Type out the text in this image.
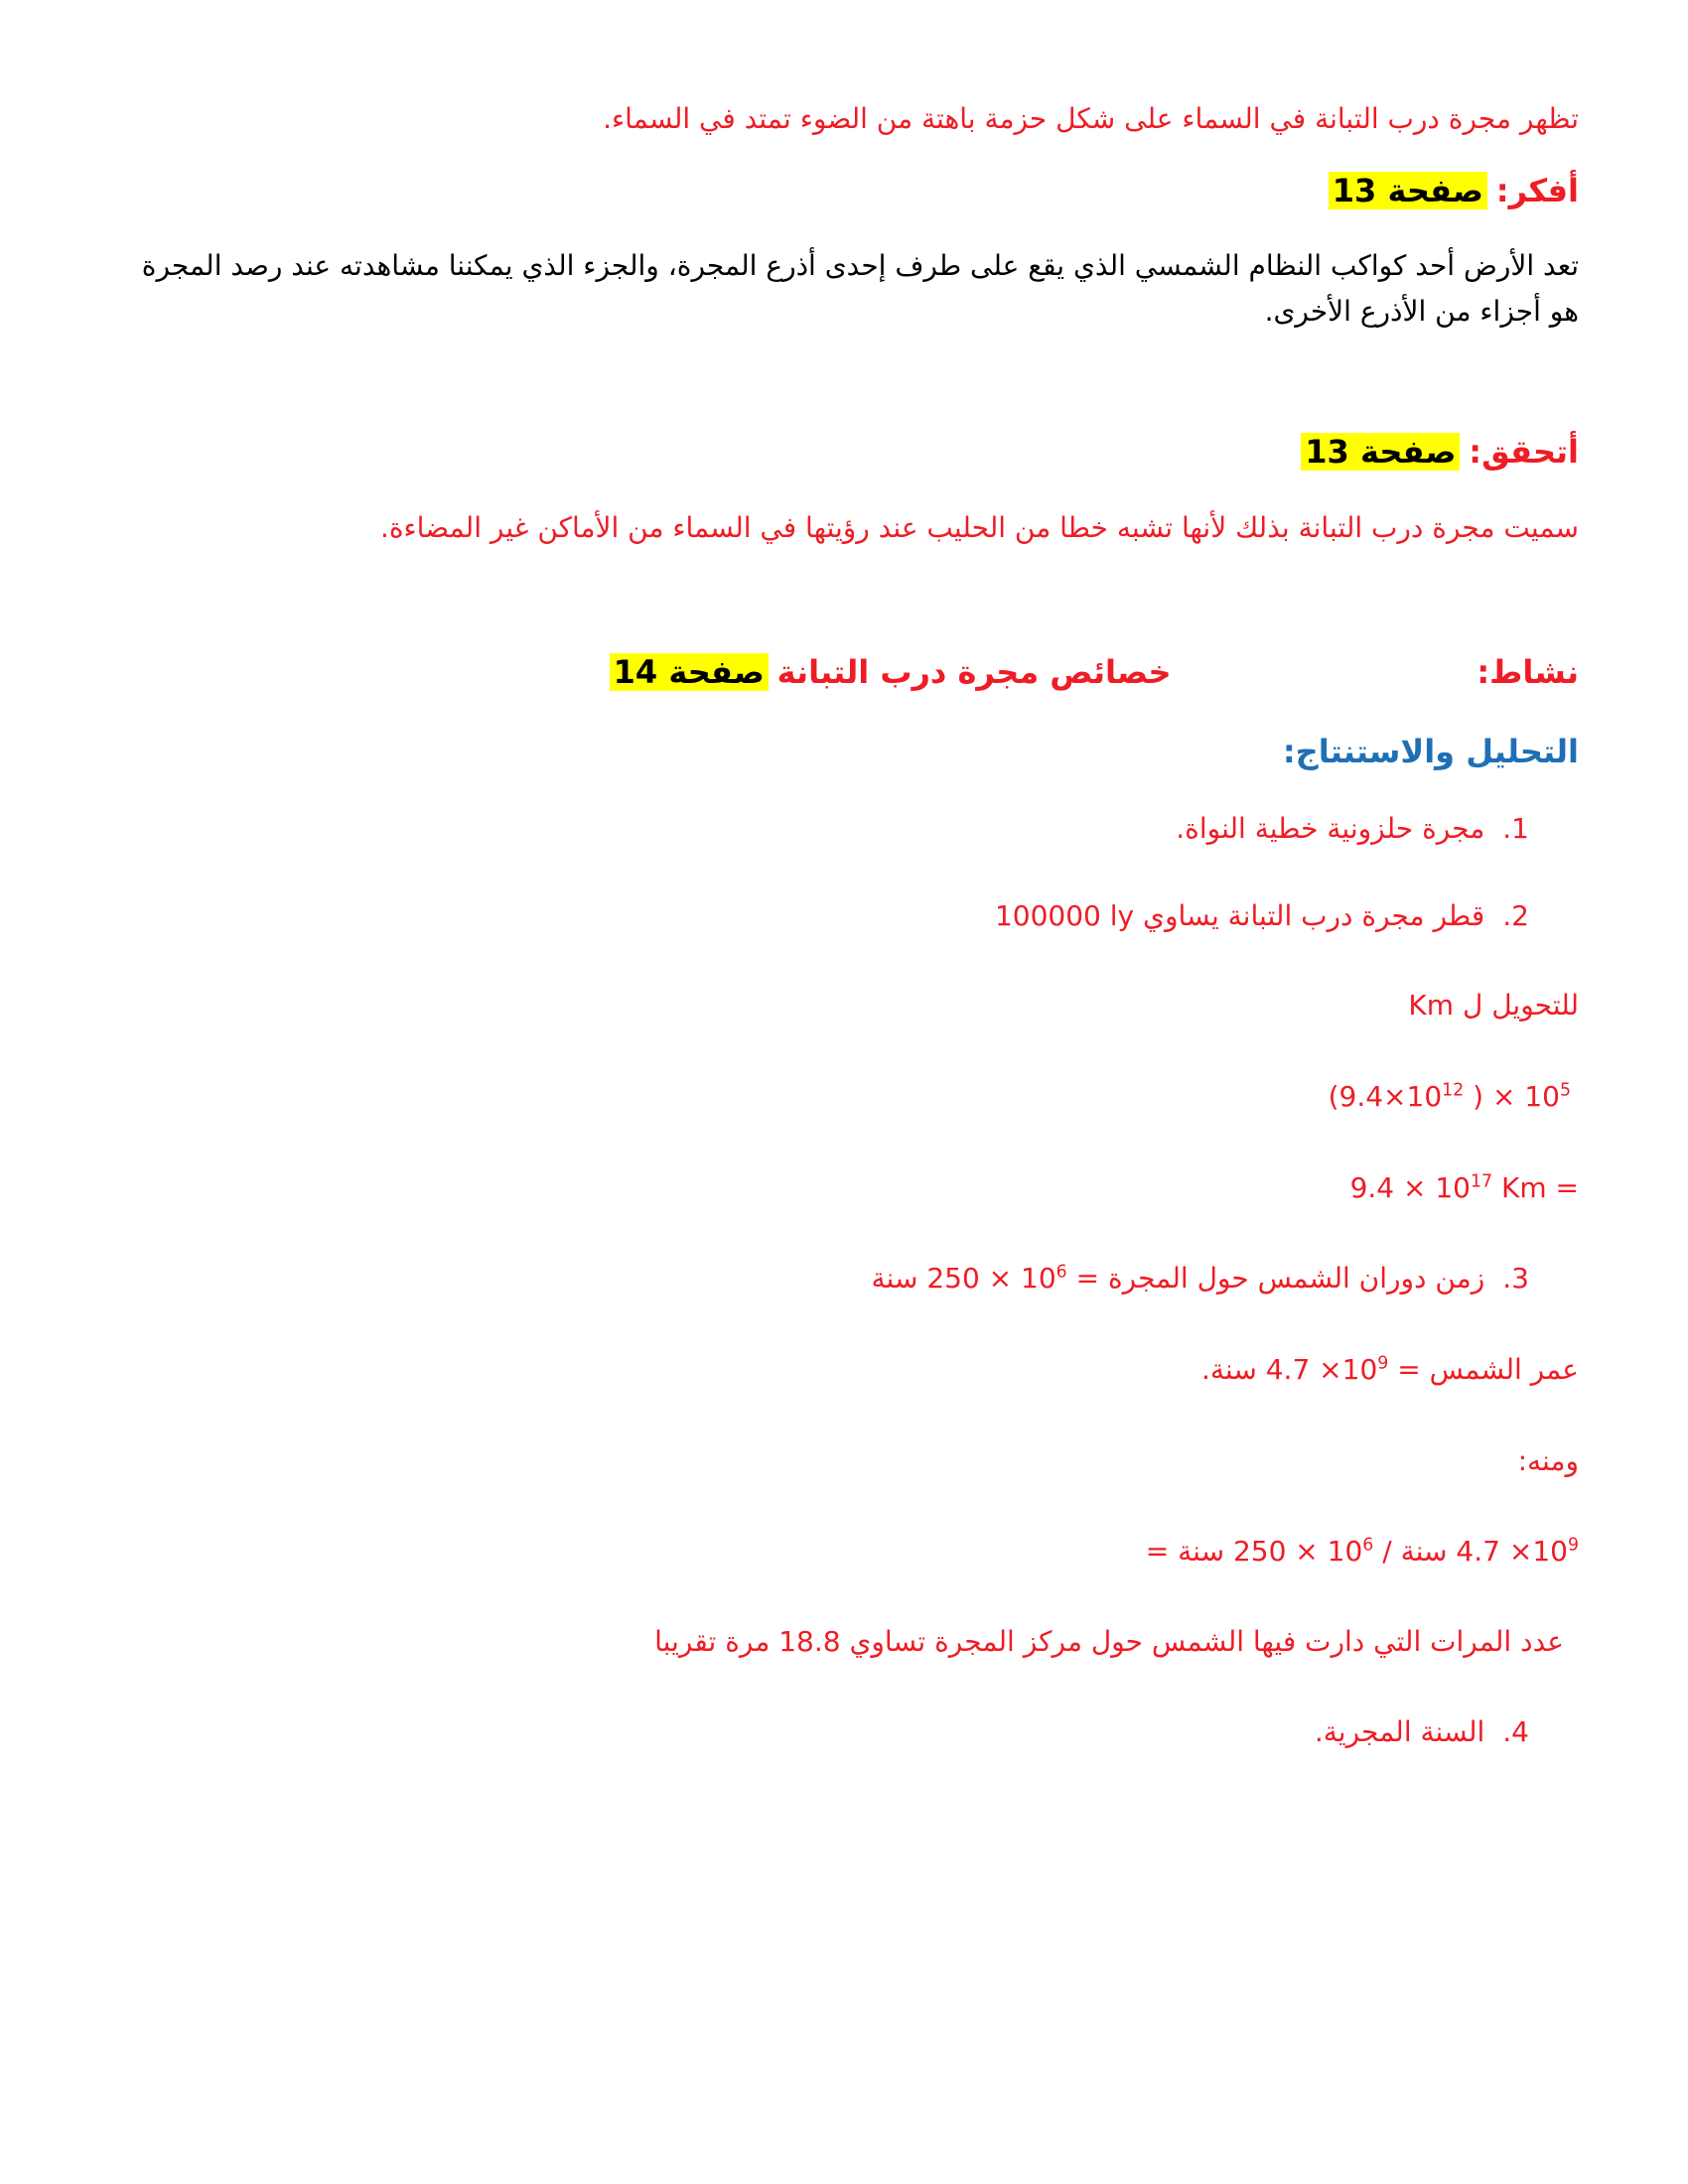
تظهر مجرة درب التبانة في السماء على شكل حزمة باهتة من الضوء تمتد في السماء.
أفكر: صفحة 13
تعد الأرض أحد كواكب النظام الشمسي الذي يقع على طرف إحدى أذرع المجرة، والجزء الذي يمكننا مشاهدته عند رصد المجرة هو أجزاء من الأذرع الأخرى.
أتحقق: صفحة 13
سميت مجرة درب التبانة بذلك لأنها تشبه خطا من الحليب عند رؤيتها في السماء من الأماكن غير المضاءة.
نشاط:  خصائص مجرة درب التبانة صفحة 14
التحليل والاستنتاج:
1.مجرة حلزونية خطية النواة.
2.قطر مجرة درب التبانة يساوي 100000 ly
للتحويل ل Km
($9.4\times 10^{12}$ ) × $10^5$
$9.4 \times 10^{17}$ Km =
3.زمن دوران الشمس حول المجرة = $250 \times 10^6$ سنة
عمر الشمس = $4.7 \times 10^9$ سنة.
ومنه:
$4.7 \times 10^9$ سنة / $250 \times 10^6$ سنة =
عدد المرات التي دارت فيها الشمس حول مركز المجرة تساوي 18.8 مرة تقريبا
4.السنة المجرية.
